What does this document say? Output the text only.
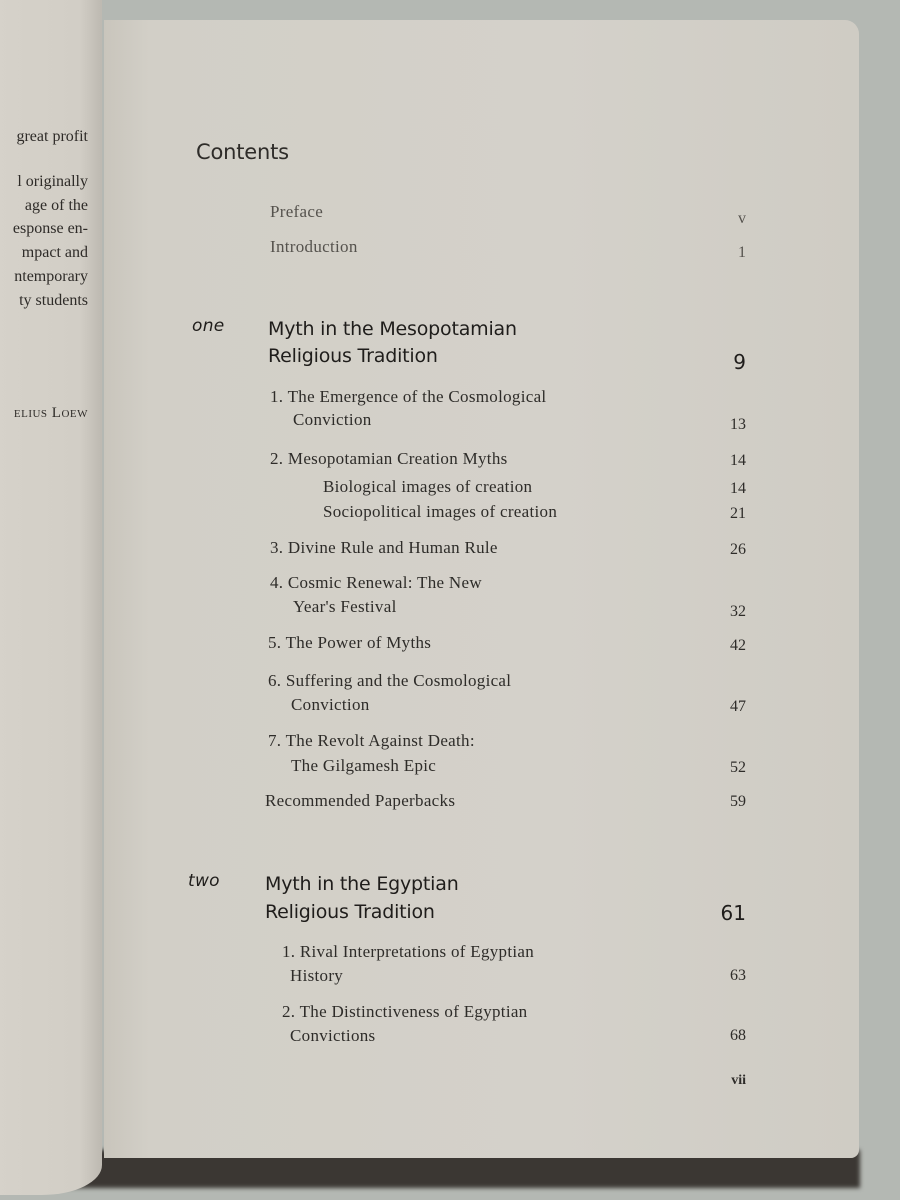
great profit
l originally
age of the
esponse en-
mpact and
ntemporary
ty students
elius Loew
Contents
Preface	v
Introduction	1
one Myth in the Mesopotamian
Religious Tradition	9
1. The Emergence of the Cosmological
Conviction	13
2. Mesopotamian Creation Myths	14
Biological images of creation	14
Sociopolitical images of creation	21
3. Divine Rule and Human Rule	26
4. Cosmic Renewal: The New
Year's Festival	32
5. The Power of Myths	42
6. Suffering and the Cosmological
Conviction	47
7. The Revolt Against Death:
The Gilgamesh Epic	52
Recommended Paperbacks	59
two Myth in the Egyptian
Religious Tradition	61
1. Rival Interpretations of Egyptian
History	63
2. The Distinctiveness of Egyptian
Convictions	68
vii
